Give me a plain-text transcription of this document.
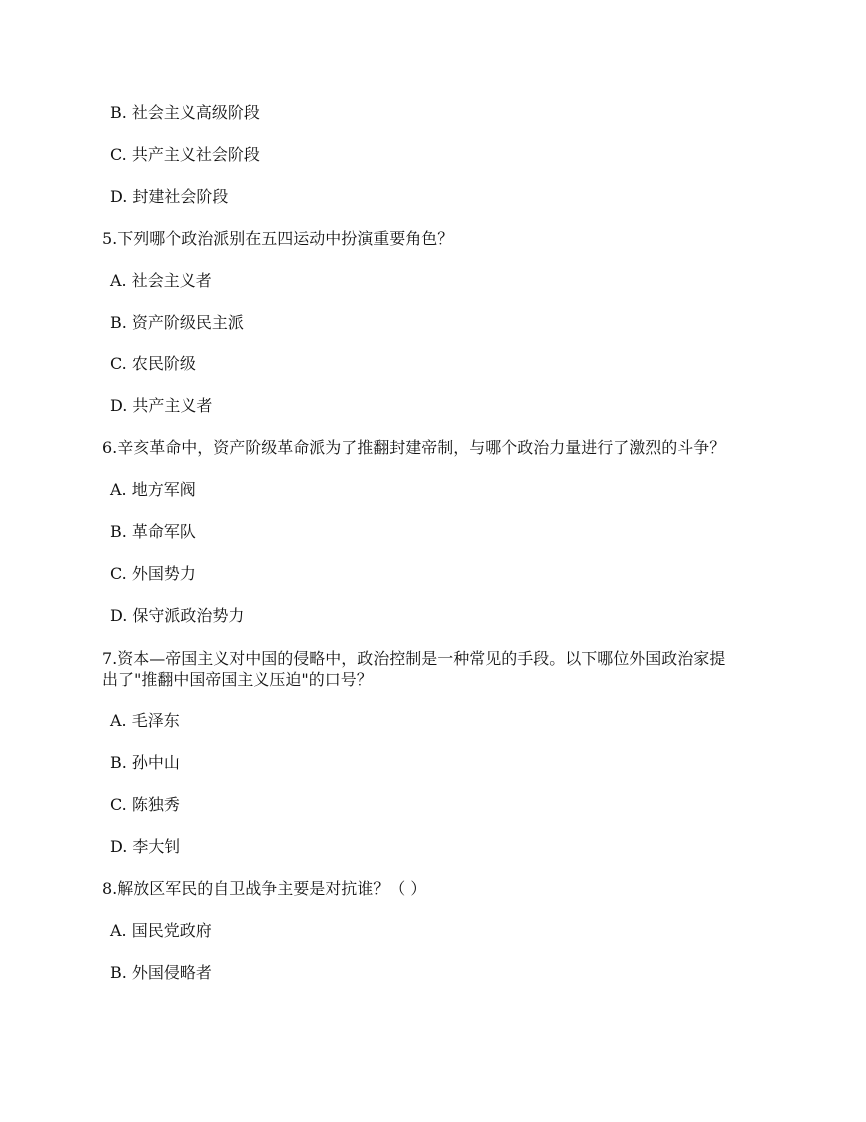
B. 社会主义高级阶段
C. 共产主义社会阶段
D. 封建社会阶段
5.下列哪个政治派别在五四运动中扮演重要角色？
A. 社会主义者
B. 资产阶级民主派
C. 农民阶级
D. 共产主义者
6.辛亥革命中，资产阶级革命派为了推翻封建帝制，与哪个政治力量进行了激烈的斗争？
A. 地方军阀
B. 革命军队
C. 外国势力
D. 保守派政治势力
7.资本—帝国主义对中国的侵略中，政治控制是一种常见的手段。以下哪位外国政治家提
出了"推翻中国帝国主义压迫"的口号？
A. 毛泽东
B. 孙中山
C. 陈独秀
D. 李大钊
8.解放区军民的自卫战争主要是对抗谁？（ ）
A. 国民党政府
B. 外国侵略者
